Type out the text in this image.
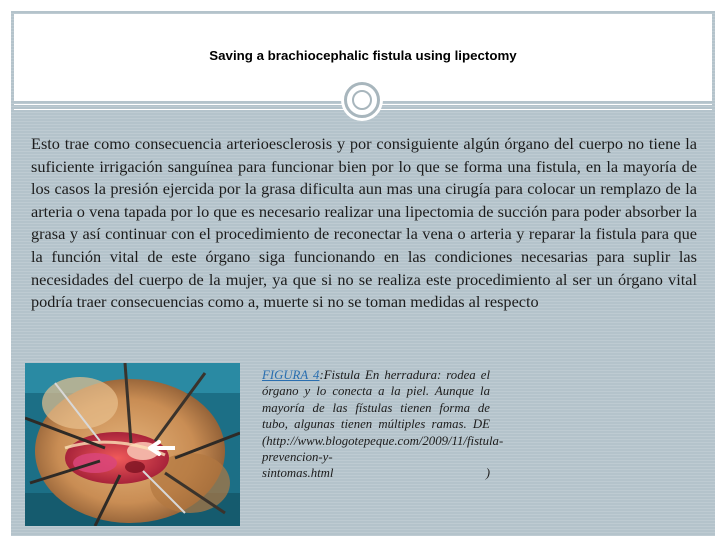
Saving a brachiocephalic fistula using lipectomy
Esto trae como consecuencia arterioesclerosis y por consiguiente algún órgano del cuerpo no tiene la suficiente irrigación sanguínea para funcionar bien por lo que se forma una fistula, en la mayoría de los casos la presión ejercida por la grasa dificulta aun mas una cirugía para colocar un remplazo de la arteria o vena tapada por lo que es necesario realizar una lipectomia de succión para poder absorber la grasa y así continuar con el procedimiento de reconectar la vena o arteria y reparar la fistula para que la función vital de este órgano siga funcionando en las condiciones necesarias para suplir las necesidades del cuerpo de la mujer, ya que si no se realiza este procedimiento al ser un órgano vital podría traer consecuencias como a, muerte si no se toman medidas al respecto
FIGURA 4:Fistula En herradura: rodea el órgano y lo conecta a la piel. Aunque la mayoría de las fístulas tienen forma de tubo, algunas tienen múltiples ramas. DE (http://www.blogotepeque.com/2009/11/fistula-prevencion-y-
sintomas.html	)
